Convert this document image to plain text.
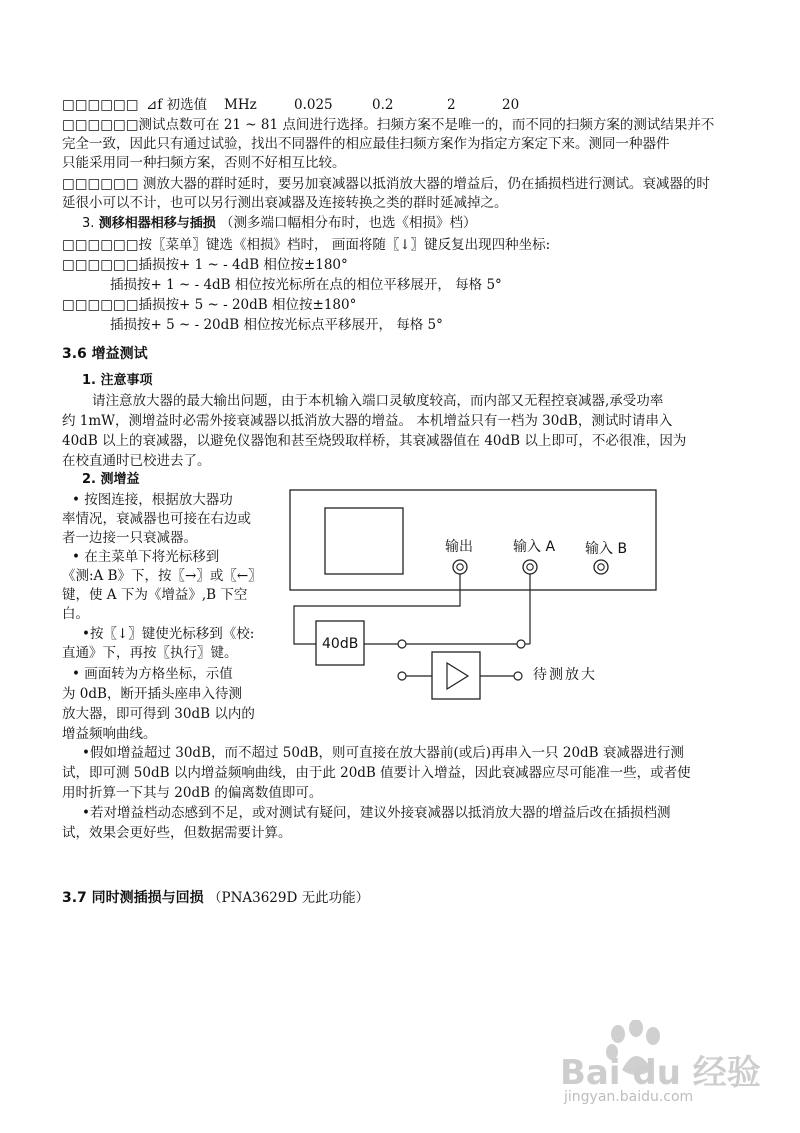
□□□□□□ ⊿f 初选值 MHz	0.025	0.2	2	20
□□□□□□测试点数可在 21 ~ 81 点间进行选择。扫频方案不是唯一的，而不同的扫频方案的测试结果并不
完全一致，因此只有通过试验，找出不同器件的相应最佳扫频方案作为指定方案定下来。测同一种器件
只能采用同一种扫频方案，否则不好相互比较。
□□□□□□ 测放大器的群时延时，要另加衰减器以抵消放大器的增益后，仍在插损档进行测试。衰减器的时
延很小可以不计，也可以另行测出衰减器及连接转换之类的群时延减掉之。
3. 测移相器相移与插损 （测多端口幅相分布时，也选《相损》档）
□□□□□□按〖菜单〗键选《相损》档时， 画面将随〖↓〗键反复出现四种坐标:
□□□□□□插损按+ 1 ~ - 4dB 相位按±180°
插损按+ 1 ~ - 4dB 相位按光标所在点的相位平移展开， 每格 5°
□□□□□□插损按+ 5 ~ - 20dB 相位按±180°
插损按+ 5 ~ - 20dB 相位按光标点平移展开， 每格 5°
3.6 增益测试
1. 注意事项
请注意放大器的最大输出问题，由于本机输入端口灵敏度较高，而内部又无程控衰减器,承受功率
约 1mW，测增益时必需外接衰减器以抵消放大器的增益。 本机增益只有一档为 30dB，测试时请串入
40dB 以上的衰减器，以避免仪器饱和甚至烧毁取样桥，其衰减器值在 40dB 以上即可，不必很准，因为
在校直通时已校进去了。
2. 测增益
• 按图连接，根据放大器功
率情况，衰减器也可接在右边或
者一边接一只衰减器。
• 在主菜单下将光标移到
《测:A B》下，按〖→〗或〖←〗
键，使 A 下为《增益》,B 下空
白。
•按〖↓〗键使光标移到《校:
直通》下，再按〖执行〗键。
• 画面转为方格坐标，示值
为 0dB，断开插头座串入待测
放大器，即可得到 30dB 以内的
增益频响曲线。
输出	输入 A 输入 B
40dB
待测放大
•假如增益超过 30dB，而不超过 50dB，则可直接在放大器前(或后)再串入一只 20dB 衰减器进行测
试，即可测 50dB 以内增益频响曲线，由于此 20dB 值要计入增益，因此衰减器应尽可能准一些，或者使
用时折算一下其与 20dB 的偏离数值即可。
•若对增益档动态感到不足，或对测试有疑问，建议外接衰减器以抵消放大器的增益后改在插损档测
试，效果会更好些，但数据需要计算。
3.7 同时测插损与回损 （PNA3629D 无此功能）
Bai du 经验
jingyan.baidu.com
